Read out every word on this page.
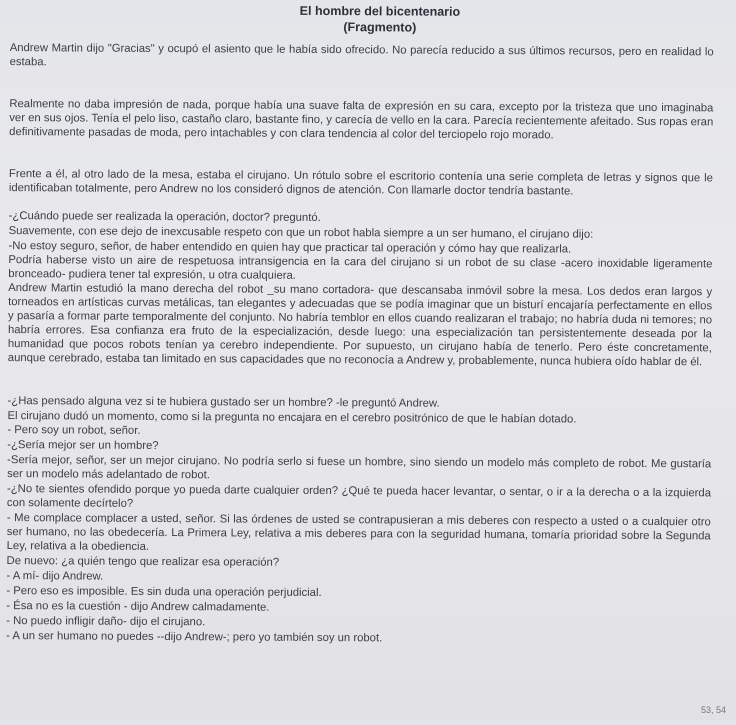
El hombre del bicentenario
(Fragmento)
Andrew Martin dijo "Gracias" y ocupó el asiento que le había sido ofrecido. No parecía reducido a sus últimos recursos, pero en realidad lo estaba.
Realmente no daba impresión de nada, porque había una suave falta de expresión en su cara, excepto por la tristeza que uno imaginaba ver en sus ojos. Tenía el pelo liso, castaño claro, bastante fino, y carecía de vello en la cara. Parecía recientemente afeitado. Sus ropas eran definitivamente pasadas de moda, pero intachables y con clara tendencia al color del terciopelo rojo morado.
Frente a él, al otro lado de la mesa, estaba el cirujano. Un rótulo sobre el escritorio contenía una serie completa de letras y signos que le identificaban totalmente, pero Andrew no los consideró dignos de atención. Con llamarle doctor tendría bastante.
-¿Cuándo puede ser realizada la operación, doctor? preguntó.
Suavemente, con ese dejo de inexcusable respeto con que un robot habla siempre a un ser humano, el cirujano dijo:
-No estoy seguro, señor, de haber entendido en quien hay que practicar tal operación y cómo hay que realizarla.
Podría haberse visto un aire de respetuosa intransigencia en la cara del cirujano si un robot de su clase -acero inoxidable ligeramente bronceado- pudiera tener tal expresión, u otra cualquiera.
Andrew Martin estudió la mano derecha del robot _su mano cortadora- que descansaba inmóvil sobre la mesa. Los dedos eran largos y torneados en artísticas curvas metálicas, tan elegantes y adecuadas que se podía imaginar que un bisturí encajaría perfectamente en ellos y pasaría a formar parte temporalmente del conjunto. No habría temblor en ellos cuando realizaran el trabajo; no habría duda ni temores; no habría errores. Esa confianza era fruto de la especialización, desde luego: una especialización tan persistentemente deseada por la humanidad que pocos robots tenían ya cerebro independiente. Por supuesto, un cirujano había de tenerlo. Pero éste concretamente, aunque cerebrado, estaba tan limitado en sus capacidades que no reconocía a Andrew y, probablemente, nunca hubiera oído hablar de él.
-¿Has pensado alguna vez si te hubiera gustado ser un hombre? -le preguntó Andrew.
El cirujano dudó un momento, como si la pregunta no encajara en el cerebro positrónico de que le habían dotado.
- Pero soy un robot, señor.
-¿Sería mejor ser un hombre?
-Sería mejor, señor, ser un mejor cirujano. No podría serlo si fuese un hombre, sino siendo un modelo más completo de robot. Me gustaría ser un modelo más adelantado de robot.
-¿No te sientes ofendido porque yo pueda darte cualquier orden? ¿Qué te pueda hacer levantar, o sentar, o ir a la derecha o a la izquierda con solamente decírtelo?
- Me complace complacer a usted, señor. Si las órdenes de usted se contrapusieran a mis deberes con respecto a usted o a cualquier otro ser humano, no las obedecería. La Primera Ley, relativa a mis deberes para con la seguridad humana, tomaría prioridad sobre la Segunda Ley, relativa a la obediencia.
De nuevo: ¿a quién tengo que realizar esa operación?
- A mí- dijo Andrew.
- Pero eso es imposible. Es sin duda una operación perjudicial.
- Ésa no es la cuestión - dijo Andrew calmadamente.
- No puedo infligir daño- dijo el cirujano.
- A un ser humano no puedes --dijo Andrew-; pero yo también soy un robot.
53, 54
